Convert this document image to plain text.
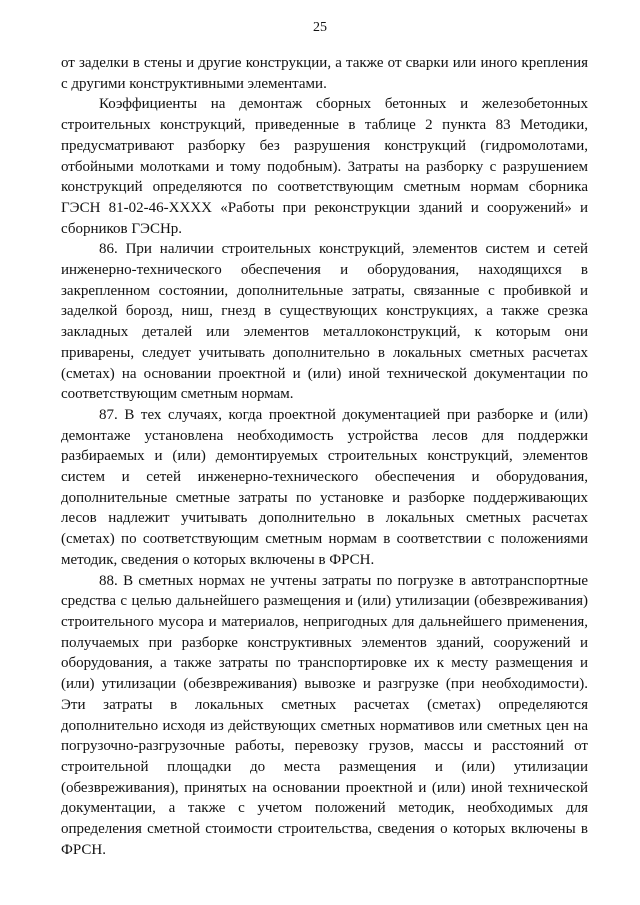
25

от заделки в стены и другие конструкции, а также от сварки или иного крепления с другими конструктивными элементами.

Коэффициенты на демонтаж сборных бетонных и железобетонных строительных конструкций, приведенные в таблице 2 пункта 83 Методики, предусматривают разборку без разрушения конструкций (гидромолотами, отбойными молотками и тому подобным). Затраты на разборку с разрушением конструкций определяются по соответствующим сметным нормам сборника ГЭСН 81-02-46-ХХХХ «Работы при реконструкции зданий и сооружений» и сборников ГЭСНр.

86. При наличии строительных конструкций, элементов систем и сетей инженерно-технического обеспечения и оборудования, находящихся в закрепленном состоянии, дополнительные затраты, связанные с пробивкой и заделкой борозд, ниш, гнезд в существующих конструкциях, а также срезка закладных деталей или элементов металлоконструкций, к которым они приварены, следует учитывать дополнительно в локальных сметных расчетах (сметах) на основании проектной и (или) иной технической документации по соответствующим сметным нормам.

87. В тех случаях, когда проектной документацией при разборке и (или) демонтаже установлена необходимость устройства лесов для поддержки разбираемых и (или) демонтируемых строительных конструкций, элементов систем и сетей инженерно-технического обеспечения и оборудования, дополнительные сметные затраты по установке и разборке поддерживающих лесов надлежит учитывать дополнительно в локальных сметных расчетах (сметах) по соответствующим сметным нормам в соответствии с положениями методик, сведения о которых включены в ФРСН.

88. В сметных нормах не учтены затраты по погрузке в автотранспортные средства с целью дальнейшего размещения и (или) утилизации (обезвреживания) строительного мусора и материалов, непригодных для дальнейшего применения, получаемых при разборке конструктивных элементов зданий, сооружений и оборудования, а также затраты по транспортировке их к месту размещения и (или) утилизации (обезвреживания) вывозке и разгрузке (при необходимости). Эти затраты в локальных сметных расчетах (сметах) определяются дополнительно исходя из действующих сметных нормативов или сметных цен на погрузочно-разгрузочные работы, перевозку грузов, массы и расстояний от строительной площадки до места размещения и (или) утилизации (обезвреживания), принятых на основании проектной и (или) иной технической документации, а также с учетом положений методик, необходимых для определения сметной стоимости строительства, сведения о которых включены в ФРСН.
